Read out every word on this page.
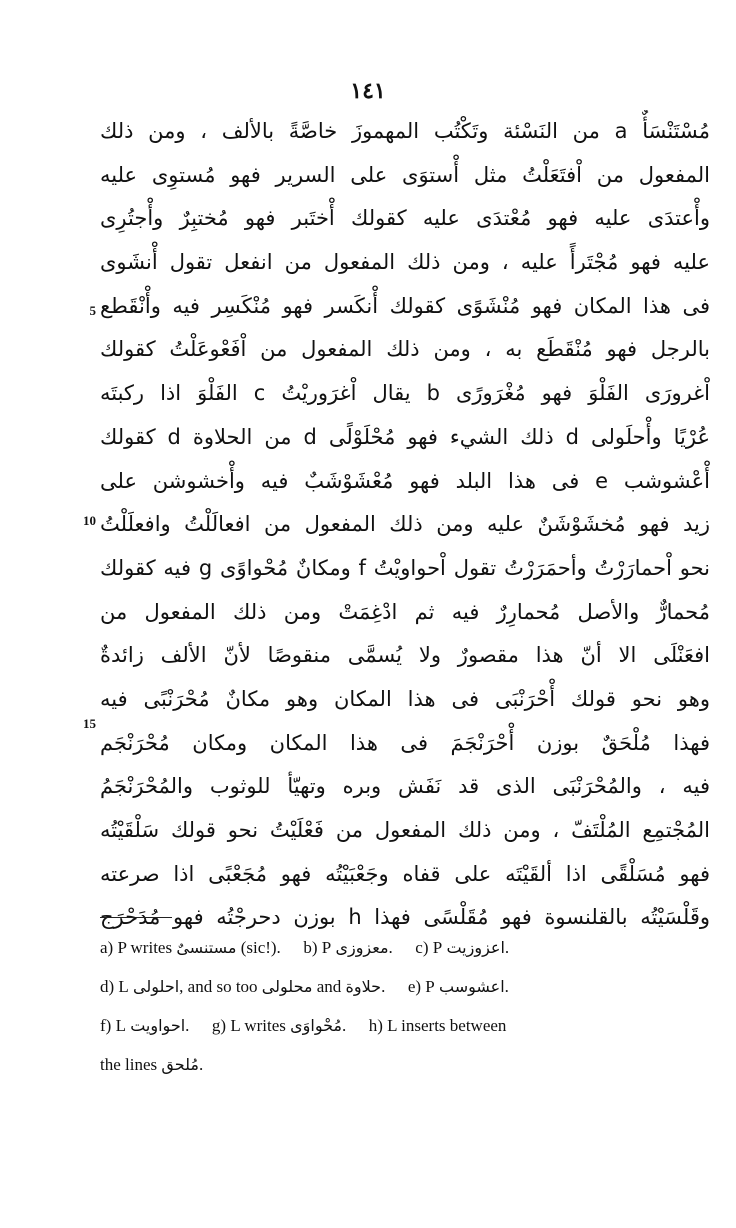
١٤١
مُسْتَنْسَأٌ a من النَسْئة وتَكْتُب المهموزَ خاصَّةً بالألف ، ومن ذلك
المفعول من اْفتَعَلْتُ مثل أْستوَى على السرير فهو مُستوِى عليه
وأْعتدَى عليه فهو مُعْتدَى عليه كقولك أْختَبر فهو مُختبِرٌ وأْجتُرِى
عليه فهو مُجْتَرأً عليه ، ومن ذلك المفعول من انفعل تقول أْنشَوى
فى هذا المكان فهو مُنْشَوًى كقولك أْنكَسر فهو مُنْكَسِر فيه وأْنْقَطع
بالرجل فهو مُنْقَطَع به ، ومن ذلك المفعول من اْفَعْوعَلْتُ كقولك
اْغرورَى الفَلْوَ فهو مُغْرَورًى b يقال اْغرَوريْتُ c الفَلْوَ اذا ركبتَه
عُرْيًا وأْحلَولى d ذلك الشيء فهو مُحْلَوْلًى d من الحلاوة d كقولك
أْعْشوشب e فى هذا البلد فهو مُعْشَوْشَبٌ فيه وأْخشوشن على
زيد فهو مُخشَوْشَنٌ عليه ومن ذلك المفعول من افعالَلْتُ وافعلَلْتُ
نحو اْحمارَرْتُ وأحمَرَرْتُ تقول اْحواويْتُ f ومكانٌ مُحْواوًى g فيه كقولك
مُحمارٌّ والأصل مُحمارِرٌ فيه ثم ادْغِمَتْ ومن ذلك المفعول من
افعَنْلَى الا أنّ هذا مقصورٌ ولا يُسمَّى منقوصًا لأنّ الألف زائدةٌ
وهو نحو قولك أْحْرَنْبَى فى هذا المكان وهو مكانٌ مُحْرَنْبًى فيه
فهذا مُلْحَقٌ بوزن أْحْرَنْجَمَ فى هذا المكان ومكان مُحْرَنْجَم
فيه ، والمُحْرَنْبَى الذى قد نَفَش وبره وتهيّأ للوثوب والمُحْرَنْجَمُ
المُجْتمِع المُلْتَفّ ، ومن ذلك المفعول من فَعْلَيْتُ نحو قولك سَلْقَيْتُه
فهو مُسَلْقًى اذا ألقَيْتَه على قفاه وجَعْبَيْتُه فهو مُجَعْبًى اذا صرعته
وقَلْسَيْتُه بالقلنسوة فهو مُقَلْسًى فهذا h بوزن دحرجْتُه فهو مُدَحْرَج
5
10
15
a) P writes مستنسىٌ (sic!). b) P معزوزى. c) P اعزوزيت.
d) L احلولى, and so too محلولى and حلاوة. e) P اعشوسب.
f) L احواويت. g) L writes مُحْواوَى. h) L inserts between
the lines مُلحق.
